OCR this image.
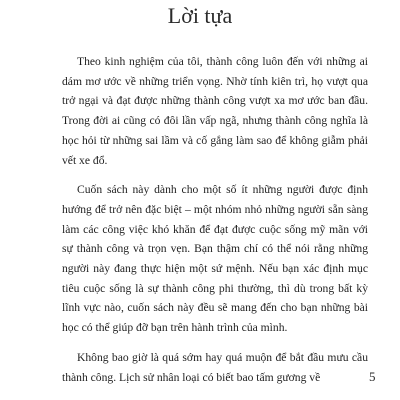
Lời tựa

Theo kinh nghiệm của tôi, thành công luôn đến với những ai dám mơ ước về những triển vọng. Nhờ tính kiên trì, họ vượt qua trở ngại và đạt được những thành công vượt xa mơ ước ban đầu. Trong đời ai cũng có đôi lần vấp ngã, nhưng thành công nghĩa là học hỏi từ những sai lầm và cố gắng làm sao để không giẫm phải vết xe đổ.

Cuốn sách này dành cho một số ít những người được định hướng để trở nên đặc biệt – một nhóm nhỏ những người sẵn sàng làm các công việc khó khăn để đạt được cuộc sống mỹ mãn với sự thành công và trọn vẹn. Bạn thậm chí có thể nói rằng những người này đang thực hiện một sứ mệnh. Nếu bạn xác định mục tiêu cuộc sống là sự thành công phi thường, thì dù trong bất kỳ lĩnh vực nào, cuốn sách này đều sẽ mang đến cho bạn những bài học có thể giúp đỡ bạn trên hành trình của mình.

Không bao giờ là quá sớm hay quá muộn để bắt đầu mưu cầu thành công. Lịch sử nhân loại có biết bao tấm gương về	5
